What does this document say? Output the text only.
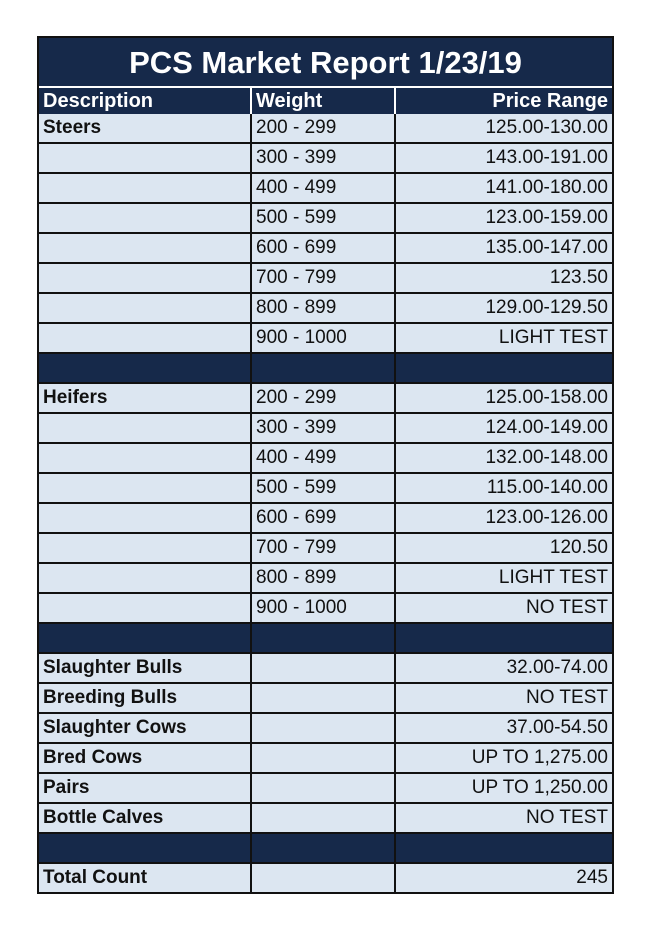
PCS Market Report 1/23/19
Description	Weight	Price Range
Steers	200 - 299	125.00-130.00
	300 - 399	143.00-191.00
	400 - 499	141.00-180.00
	500 - 599	123.00-159.00
	600 - 699	135.00-147.00
	700 - 799	123.50
	800 - 899	129.00-129.50
	900 - 1000	LIGHT TEST

Heifers	200 - 299	125.00-158.00
	300 - 399	124.00-149.00
	400 - 499	132.00-148.00
	500 - 599	115.00-140.00
	600 - 699	123.00-126.00
	700 - 799	120.50
	800 - 899	LIGHT TEST
	900 - 1000	NO TEST

Slaughter Bulls		32.00-74.00
Breeding Bulls		NO TEST
Slaughter Cows		37.00-54.50
Bred Cows		UP TO 1,275.00
Pairs		UP TO 1,250.00
Bottle Calves		NO TEST

Total Count		245
